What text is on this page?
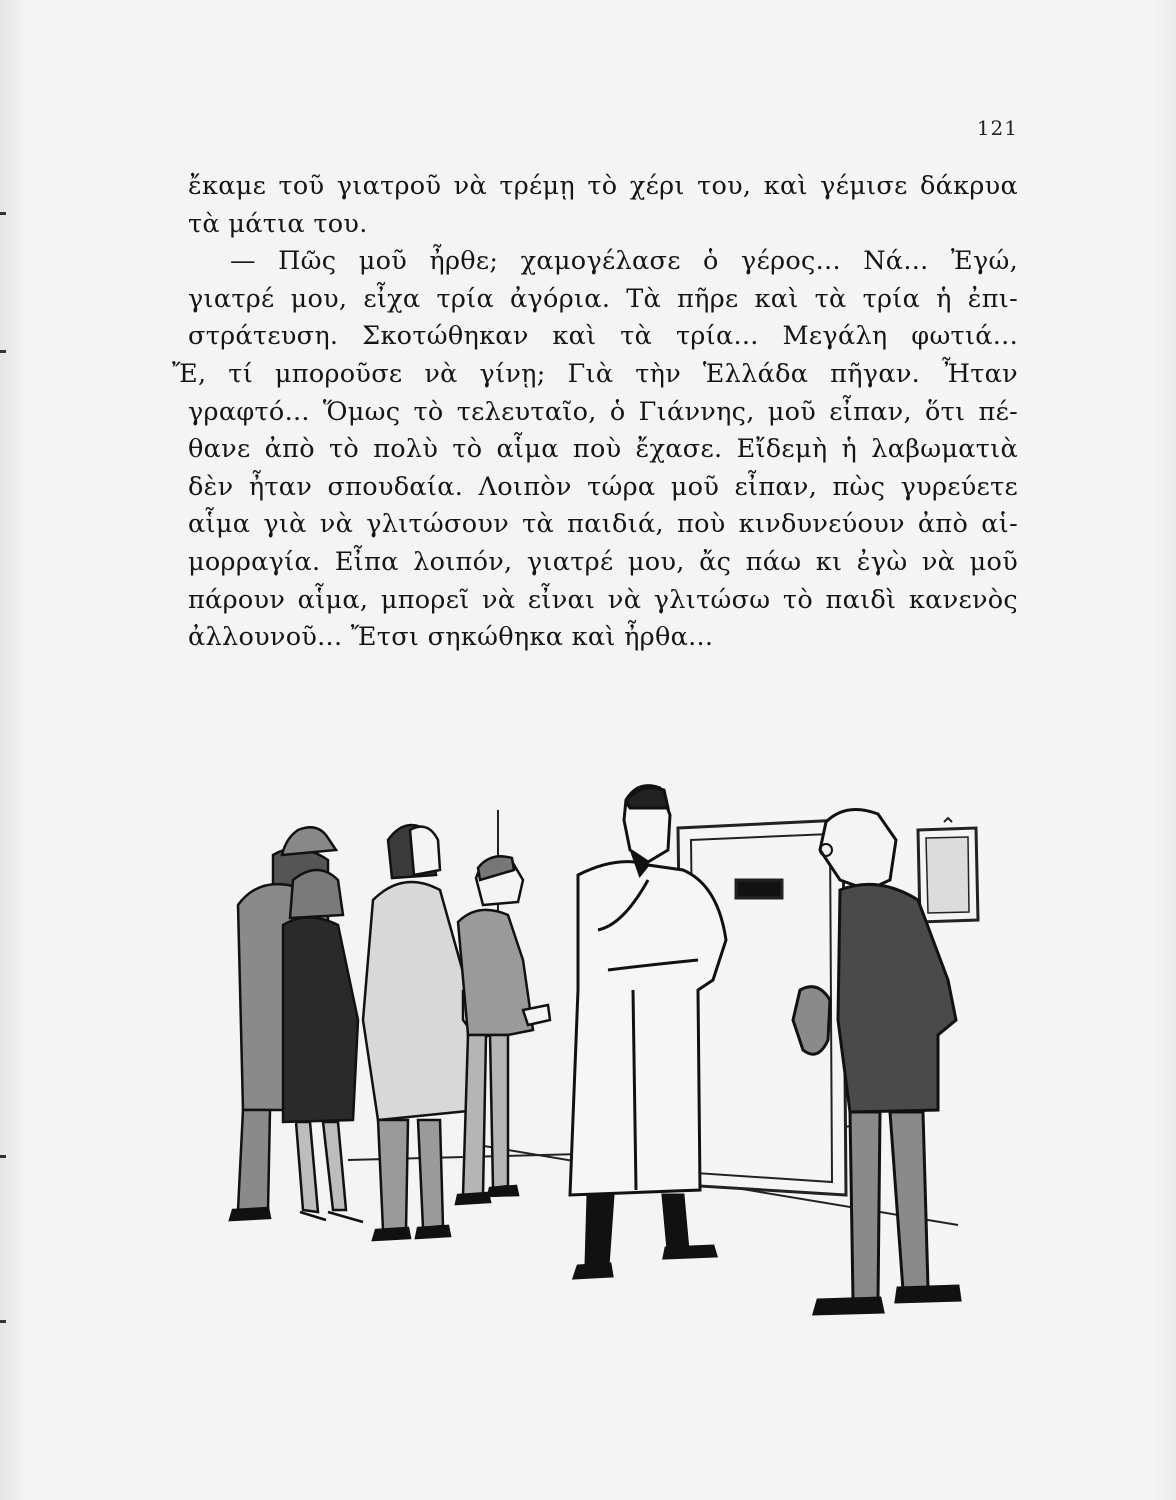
121
ἔκαμε τοῦ γιατροῦ νὰ τρέμῃ τὸ χέρι του, καὶ γέμισε δάκρυα
τὰ μάτια του.
— Πῶς μοῦ ἦρθε; χαμογέλασε ὁ γέρος... Νά... Ἐγώ,
γιατρέ μου, εἶχα τρία ἀγόρια. Τὰ πῆρε καὶ τὰ τρία ἡ ἐπι-
στράτευση. Σκοτώθηκαν καὶ τὰ τρία... Μεγάλη φωτιά...
Ἔ, τί μποροῦσε νὰ γίνῃ; Γιὰ τὴν Ἑλλάδα πῆγαν. Ἦταν
γραφτό... Ὅμως τὸ τελευταῖο, ὁ Γιάννης, μοῦ εἶπαν, ὅτι πέ-
θανε ἀπὸ τὸ πολὺ τὸ αἷμα ποὺ ἔχασε. Εἴδεμὴ ἡ λαβωματιὰ
δὲν ἦταν σπουδαία. Λοιπὸν τώρα μοῦ εἶπαν, πὼς γυρεύετε
αἷμα γιὰ νὰ γλιτώσουν τὰ παιδιά, ποὺ κινδυνεύουν ἀπὸ αἱ-
μορραγία. Εἶπα λοιπόν, γιατρέ μου, ἄς πάω κι ἐγὼ νὰ μοῦ
πάρουν αἷμα, μπορεῖ νὰ εἶναι νὰ γλιτώσω τὸ παιδὶ κανενὸς
ἀλλουνοῦ... Ἔτσι σηκώθηκα καὶ ἦρθα...
